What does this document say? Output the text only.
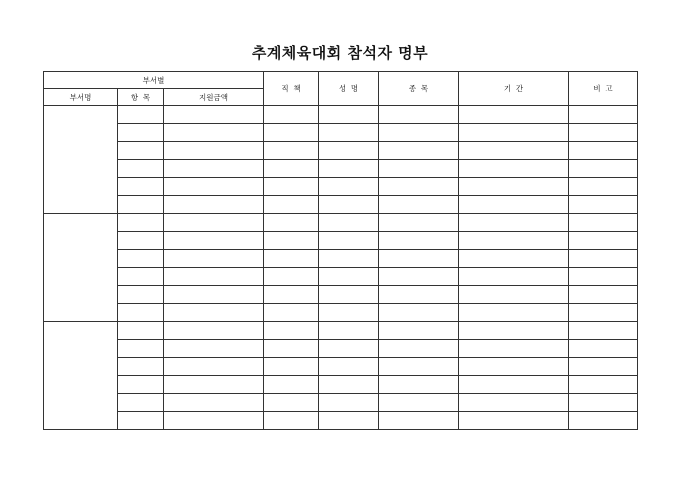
추계체육대회 참석자 명부
부서별			직  책	성  명	종  목	기  간	비  고
부서명	항  목	지원금액					
